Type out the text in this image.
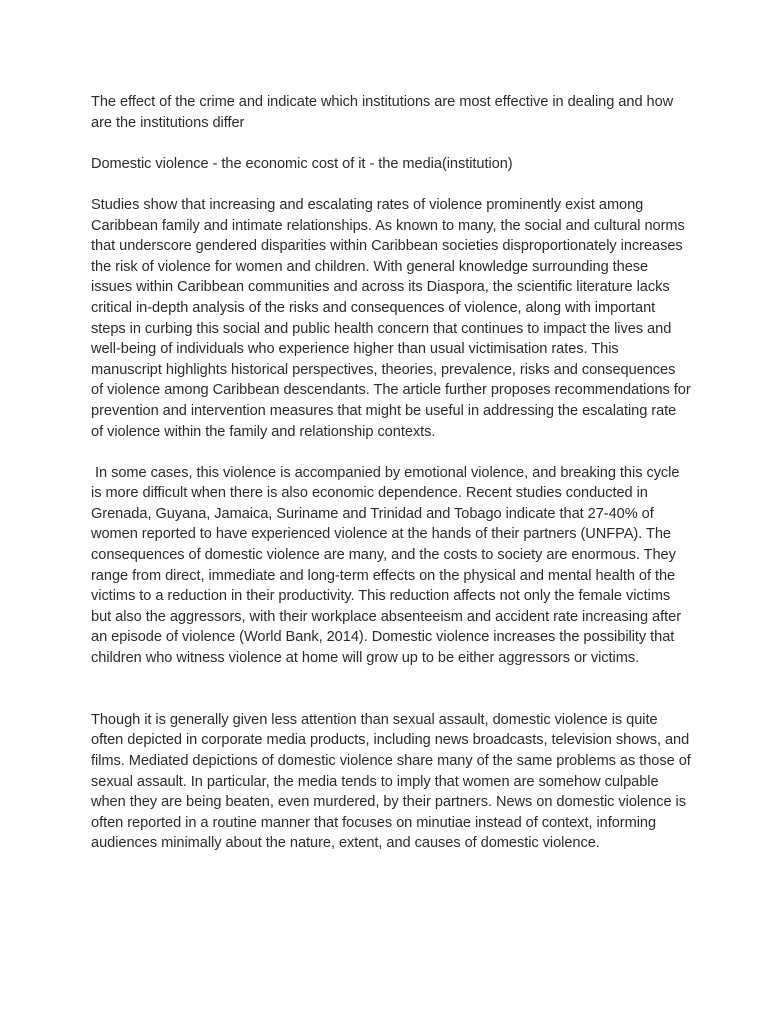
The effect of the crime and indicate which institutions are most effective in dealing and how are the institutions differ

Domestic violence - the economic cost of it - the media(institution)

Studies show that increasing and escalating rates of violence prominently exist among Caribbean family and intimate relationships. As known to many, the social and cultural norms that underscore gendered disparities within Caribbean societies disproportionately increases the risk of violence for women and children. With general knowledge surrounding these issues within Caribbean communities and across its Diaspora, the scientific literature lacks critical in-depth analysis of the risks and consequences of violence, along with important steps in curbing this social and public health concern that continues to impact the lives and well-being of individuals who experience higher than usual victimisation rates. This manuscript highlights historical perspectives, theories, prevalence, risks and consequences of violence among Caribbean descendants. The article further proposes recommendations for prevention and intervention measures that might be useful in addressing the escalating rate of violence within the family and relationship contexts.

In some cases, this violence is accompanied by emotional violence, and breaking this cycle is more difficult when there is also economic dependence. Recent studies conducted in Grenada, Guyana, Jamaica, Suriname and Trinidad and Tobago indicate that 27-40% of women reported to have experienced violence at the hands of their partners (UNFPA). The consequences of domestic violence are many, and the costs to society are enormous. They range from direct, immediate and long-term effects on the physical and mental health of the victims to a reduction in their productivity. This reduction affects not only the female victims but also the aggressors, with their workplace absenteeism and accident rate increasing after an episode of violence (World Bank, 2014). Domestic violence increases the possibility that children who witness violence at home will grow up to be either aggressors or victims.

Though it is generally given less attention than sexual assault, domestic violence is quite often depicted in corporate media products, including news broadcasts, television shows, and films. Mediated depictions of domestic violence share many of the same problems as those of sexual assault. In particular, the media tends to imply that women are somehow culpable when they are being beaten, even murdered, by their partners. News on domestic violence is often reported in a routine manner that focuses on minutiae instead of context, informing audiences minimally about the nature, extent, and causes of domestic violence.
